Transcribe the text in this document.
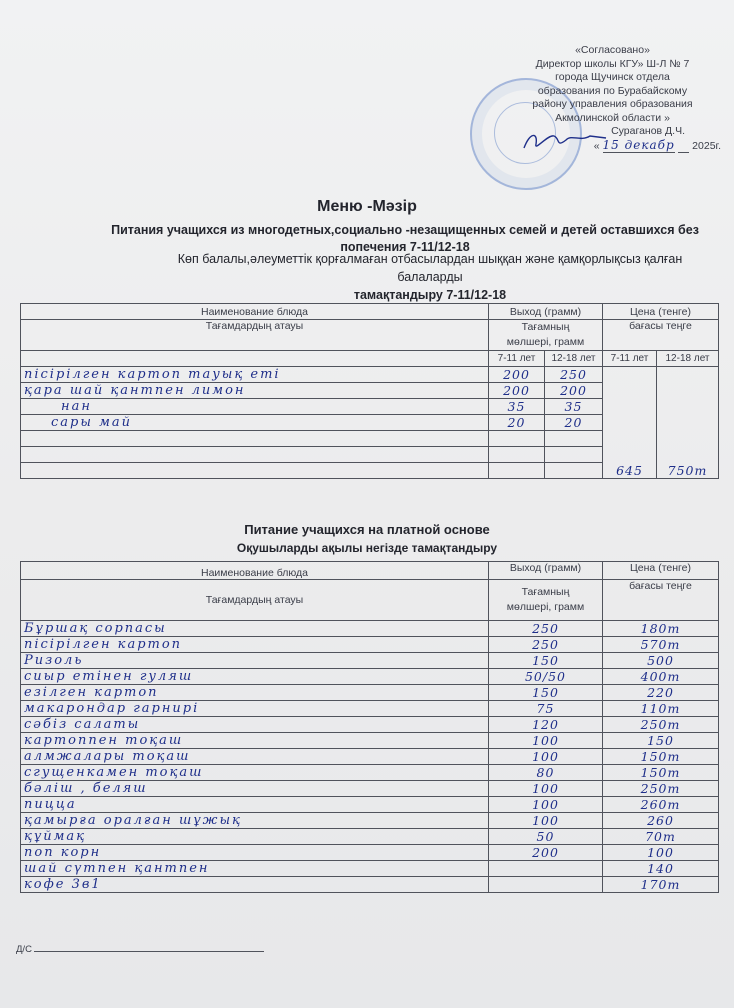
«Согласовано»
Директор школы КГУ» Ш-Л № 7
города Щучинск отдела
образования по Бурабайскому
району управления образования
Акмолинской области »
Сураганов Д.Ч.
« 15 декабр 2025г.
Меню -Мәзір
Питания учащихся из многодетных,социально -незащищенных семей и детей оставшихся без попечения 7-11/12-18
Көп балалы,әлеуметтік қорғалмаған отбасылардан шыққан және қамқорлықсыз қалған балаларды
тамақтандыру 7-11/12-18
Наименование блюда	Выход (грамм)		Цена (тенге)	
Тағамдардың атауы	Тағамның
мөлшері, грамм		бағасы теңге	

	7-11 лет	12-18 лет	7-11 лет	12-18 лет
пісірілген картоп тауық еті	200	250	645	750т
қара шай қантпен лимон	200	200		
нан	35	35		
сары май	20	20		

Питание учащихся на платной основе
Оқушыларды ақылы негізде тамақтандыру
Наименование блюда	Выход (грамм)	Цена (тенге)
Тағамдардың атауы	Тағамның
мөлшері, грамм	бағасы теңге
Бұршақ сорпасы	250	180т
пісірілген картоп	250	570т
Ризоль	150	500
сиыр етінен гуляш	50/50	400т
езілген картоп	150	220
макарондар гарнирі	75	110т
сәбіз салаты	120	250т
картоппен тоқаш	100	150
алмжалары тоқаш	100	150т
сгущенкамен тоқаш	80	150т
бәліш , беляш	100	250т
пицца	100	260т
қамырға оралған шұжық	100	260
құймақ	50	70т
поп корн	200	100
шай сүтпен қантпен		140
кофе 3в1		170т
Д/С
